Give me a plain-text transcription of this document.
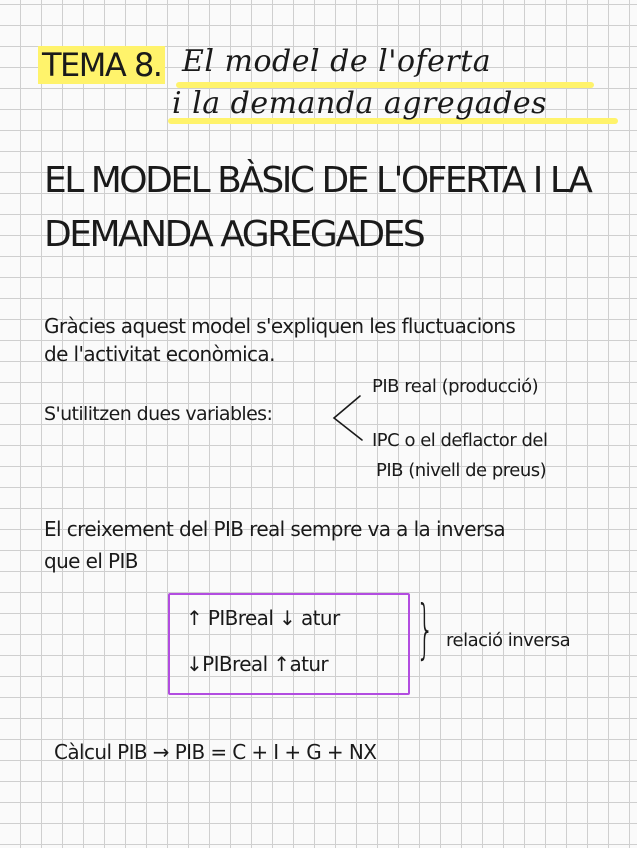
TEMA 8. El model de l'oferta
i la demanda agregades
EL MODEL BÀSIC DE L'OFERTA I LA
DEMANDA AGREGADES
Gràcies aquest model s'expliquen les fluctuacions
de l'activitat econòmica.
S'utilitzen dues variables:
PIB real (producció)
IPC o el deflactor del
PIB (nivell de preus)
El creixement del PIB real sempre va a la inversa
que el PIB
↑ PIBreal ↓ atur
↓PIBreal ↑atur } relació inversa
Càlcul PIB → PIB = C + I + G + NX
